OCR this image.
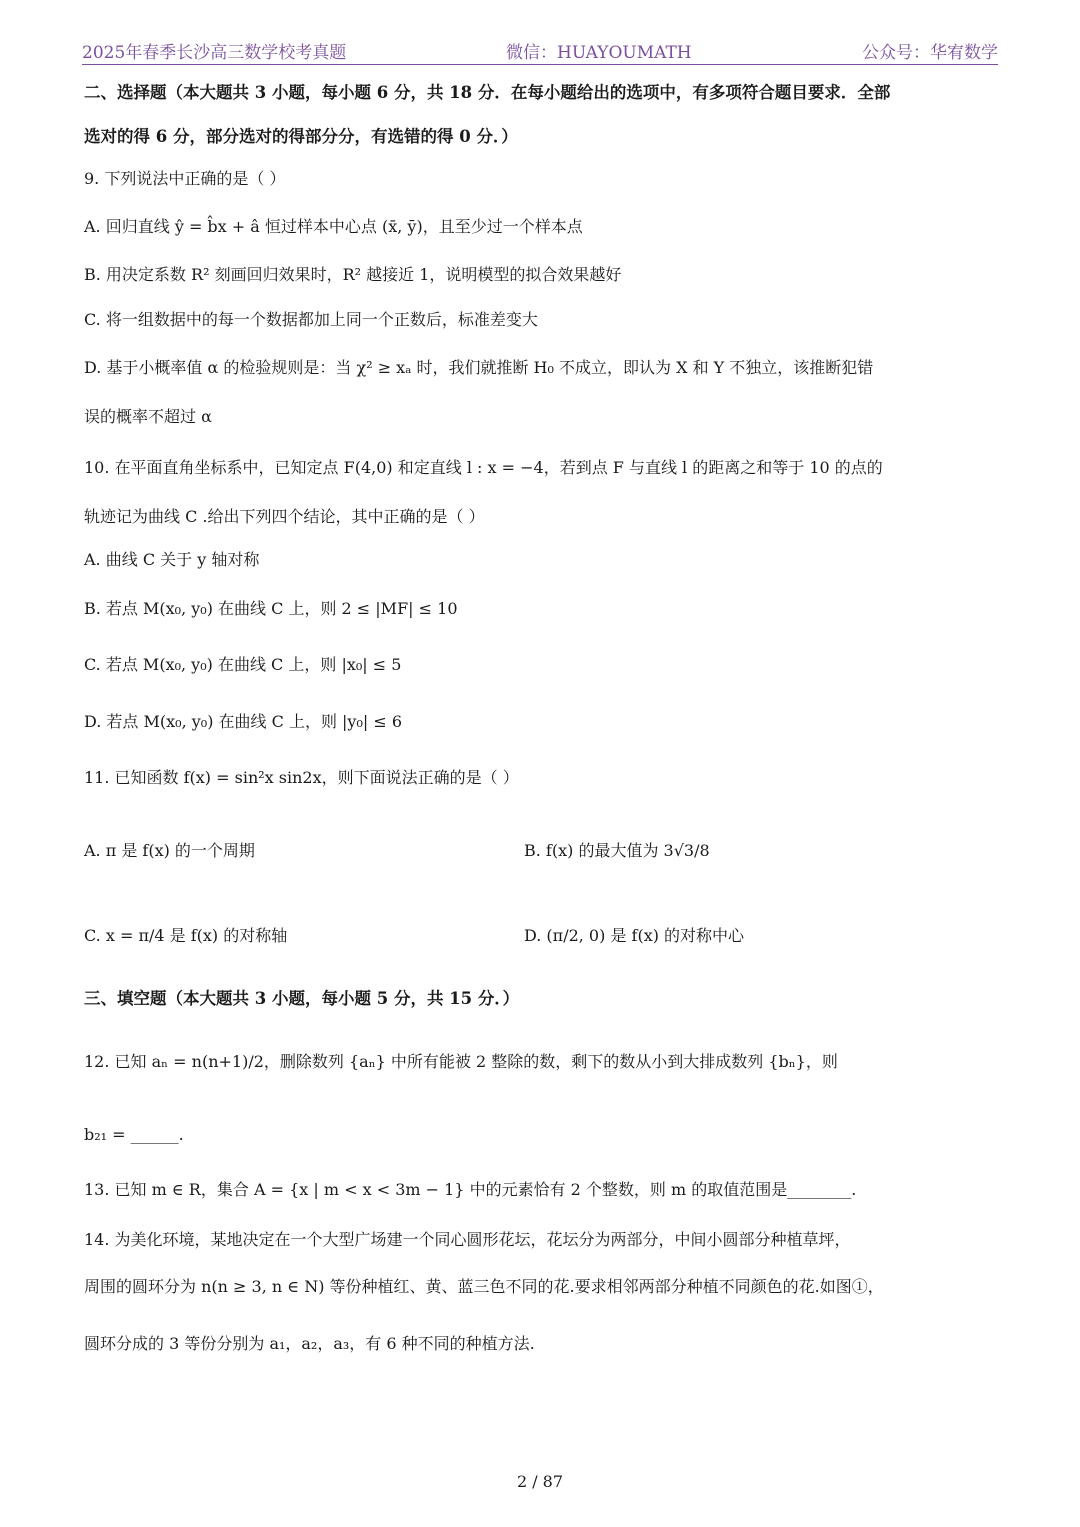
2025年春季长沙高三数学校考真题	微信：HUAYOUMATH	公众号：华宥数学
二、选择题（本大题共 3 小题，每小题 6 分，共 18 分．在每小题给出的选项中，有多项符合题目要求．全部
选对的得 6 分，部分选对的得部分分，有选错的得 0 分．）
9. 下列说法中正确的是（ ）
A. 回归直线 ŷ = b̂x + â 恒过样本中心点 (x̄, ȳ)，且至少过一个样本点
B. 用决定系数 R² 刻画回归效果时，R² 越接近 1，说明模型的拟合效果越好
C. 将一组数据中的每一个数据都加上同一个正数后，标准差变大
D. 基于小概率值 α 的检验规则是：当 χ² ≥ xₐ 时，我们就推断 H₀ 不成立，即认为 X 和 Y 不独立，该推断犯错
误的概率不超过 α
10. 在平面直角坐标系中，已知定点 F(4,0) 和定直线 l : x = −4，若到点 F 与直线 l 的距离之和等于 10 的点的
轨迹记为曲线 C .给出下列四个结论，其中正确的是（ ）
A. 曲线 C 关于 y 轴对称
B. 若点 M(x₀, y₀) 在曲线 C 上，则 2 ≤ |MF| ≤ 10
C. 若点 M(x₀, y₀) 在曲线 C 上，则 |x₀| ≤ 5
D. 若点 M(x₀, y₀) 在曲线 C 上，则 |y₀| ≤ 6
11. 已知函数 f(x) = sin²x sin2x，则下面说法正确的是（ ）
A. π 是 f(x) 的一个周期	B. f(x) 的最大值为 3√3/8
C. x = π/4 是 f(x) 的对称轴	D. (π/2, 0) 是 f(x) 的对称中心
三、填空题（本大题共 3 小题，每小题 5 分，共 15 分．）
12. 已知 aₙ = n(n+1)/2，删除数列 {aₙ} 中所有能被 2 整除的数，剩下的数从小到大排成数列 {bₙ}，则
b₂₁ = ______.
13. 已知 m ∈ R，集合 A = {x | m < x < 3m − 1} 中的元素恰有 2 个整数，则 m 的取值范围是________.
14. 为美化环境，某地决定在一个大型广场建一个同心圆形花坛，花坛分为两部分，中间小圆部分种植草坪，
周围的圆环分为 n(n ≥ 3, n ∈ N) 等份种植红、黄、蓝三色不同的花.要求相邻两部分种植不同颜色的花.如图①，
圆环分成的 3 等份分别为 a₁，a₂，a₃，有 6 种不同的种植方法.
2 / 87
